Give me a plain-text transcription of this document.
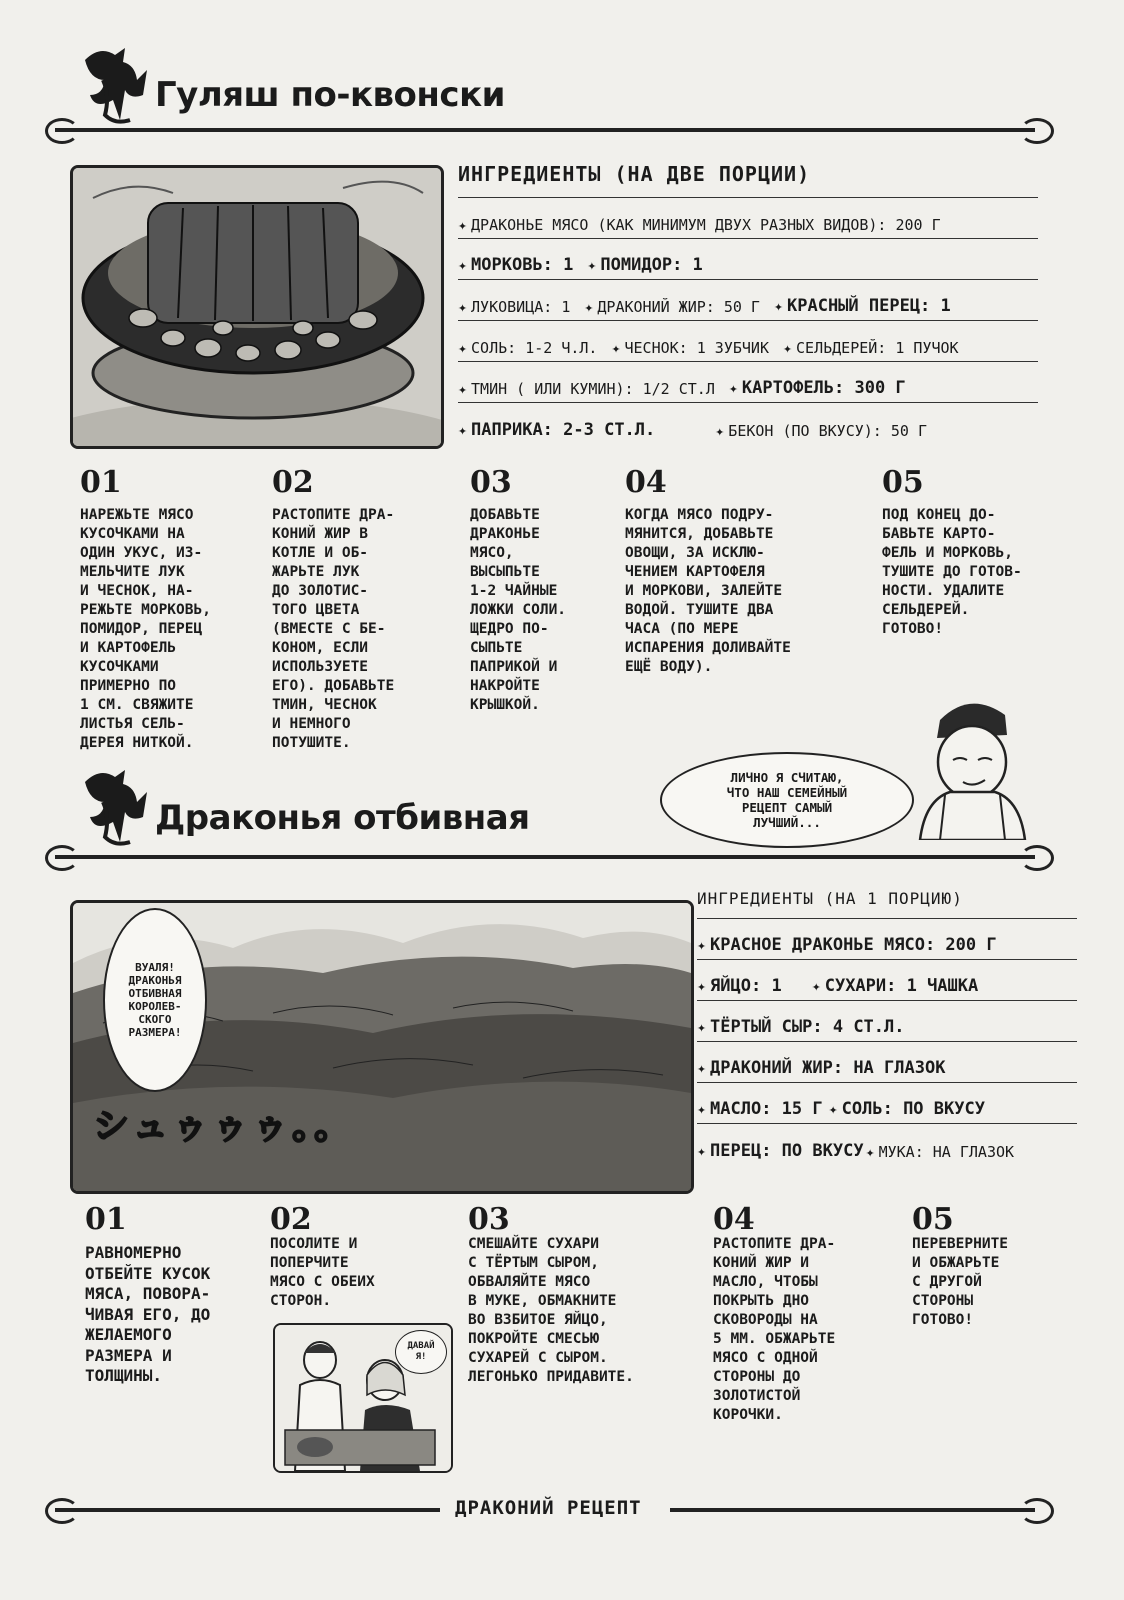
Гуляш по-квонски
ИНГРЕДИЕНТЫ (НА ДВЕ ПОРЦИИ)
✦ ДРАКОНЬЕ МЯСО (КАК МИНИМУМ ДВУХ РАЗНЫХ ВИДОВ): 200 Г
✦ МОРКОВЬ: 1 ✦ ПОМИДОР: 1
✦ ЛУКОВИЦА: 1 ✦ ДРАКОНИЙ ЖИР: 50 Г ✦ КРАСНЫЙ ПЕРЕЦ: 1
✦ СОЛЬ: 1-2 Ч.Л. ✦ ЧЕСНОК: 1 ЗУБЧИК ✦ СЕЛЬДЕРЕЙ: 1 ПУЧОК
✦ ТМИН ( ИЛИ КУМИН): 1/2 СТ.Л ✦ КАРТОФЕЛЬ: 300 Г
✦ ПАПРИКА: 2-3 СТ.Л.	✦ БЕКОН (ПО ВКУСУ): 50 Г
01
НАРЕЖЬТЕ МЯСО
КУСОЧКАМИ НА
ОДИН УКУС, ИЗ-
МЕЛЬЧИТЕ ЛУК
И ЧЕСНОК, НА-
РЕЖЬТЕ МОРКОВЬ,
ПОМИДОР, ПЕРЕЦ
И КАРТОФЕЛЬ
КУСОЧКАМИ
ПРИМЕРНО ПО
1 СМ. СВЯЖИТЕ
ЛИСТЬЯ СЕЛЬ-
ДЕРЕЯ НИТКОЙ.
02
РАСТОПИТЕ ДРА-
КОНИЙ ЖИР В
КОТЛЕ И ОБ-
ЖАРЬТЕ ЛУК
ДО ЗОЛОТИС-
ТОГО ЦВЕТА
(ВМЕСТЕ С БЕ-
КОНОМ, ЕСЛИ
ИСПОЛЬЗУЕТЕ
ЕГО). ДОБАВЬТЕ
ТМИН, ЧЕСНОК
И НЕМНОГО
ПОТУШИТЕ.
03
ДОБАВЬТЕ
ДРАКОНЬЕ
МЯСО,
ВЫСЫПЬТЕ
1-2 ЧАЙНЫЕ
ЛОЖКИ СОЛИ.
ЩЕДРО ПО-
СЫПЬТЕ
ПАПРИКОЙ И
НАКРОЙТЕ
КРЫШКОЙ.
04
КОГДА МЯСО ПОДРУ-
МЯНИТСЯ, ДОБАВЬТЕ
ОВОЩИ, ЗА ИСКЛЮ-
ЧЕНИЕМ КАРТОФЕЛЯ
И МОРКОВИ, ЗАЛЕЙТЕ
ВОДОЙ. ТУШИТЕ ДВА
ЧАСА (ПО МЕРЕ
ИСПАРЕНИЯ ДОЛИВАЙТЕ
ЕЩЁ ВОДУ).
05
ПОД КОНЕЦ ДО-
БАВЬТЕ КАРТО-
ФЕЛЬ И МОРКОВЬ,
ТУШИТЕ ДО ГОТОВ-
НОСТИ. УДАЛИТЕ
СЕЛЬДЕРЕЙ.
ГОТОВО!
ЛИЧНО Я СЧИТАЮ,
ЧТО НАШ СЕМЕЙНЫЙ
РЕЦЕПТ САМЫЙ
ЛУЧШИЙ...
Драконья отбивная
ВУАЛЯ!
ДРАКОНЬЯ
ОТБИВНАЯ
КОРОЛЕВ-
СКОГО
РАЗМЕРА!
シュゥゥゥ。。
ИНГРЕДИЕНТЫ (НА 1 ПОРЦИЮ)
✦ КРАСНОЕ ДРАКОНЬЕ МЯСО: 200 Г
✦ ЯЙЦО: 1 ✦ СУХАРИ: 1 ЧАШКА
✦ ТЁРТЫЙ СЫР: 4 СТ.Л.
✦ ДРАКОНИЙ ЖИР: НА ГЛАЗОК
✦ МАСЛО: 15 Г ✦ СОЛЬ: ПО ВКУСУ
✦ ПЕРЕЦ: ПО ВКУСУ ✦ МУКА: НА ГЛАЗОК
01
РАВНОМЕРНО
ОТБЕЙТЕ КУСОК
МЯСА, ПОВОРА-
ЧИВАЯ ЕГО, ДО
ЖЕЛАЕМОГО
РАЗМЕРА И
ТОЛЩИНЫ.
02
ПОСОЛИТЕ И
ПОПЕРЧИТЕ
МЯСО С ОБЕИХ
СТОРОН.
ДАВАЙ
Я!
03
СМЕШАЙТЕ СУХАРИ
С ТЁРТЫМ СЫРОМ,
ОБВАЛЯЙТЕ МЯСО
В МУКЕ, ОБМАКНИТЕ
ВО ВЗБИТОЕ ЯЙЦО,
ПОКРОЙТЕ СМЕСЬЮ
СУХАРЕЙ С СЫРОМ.
ЛЕГОНЬКО ПРИДАВИТЕ.
04
РАСТОПИТЕ ДРА-
КОНИЙ ЖИР И
МАСЛО, ЧТОБЫ
ПОКРЫТЬ ДНО
СКОВОРОДЫ НА
5 ММ. ОБЖАРЬТЕ
МЯСО С ОДНОЙ
СТОРОНЫ ДО
ЗОЛОТИСТОЙ
КОРОЧКИ.
05
ПЕРЕВЕРНИТЕ
И ОБЖАРЬТЕ
С ДРУГОЙ
СТОРОНЫ
ГОТОВО!
ДРАКОНИЙ РЕЦЕПТ
